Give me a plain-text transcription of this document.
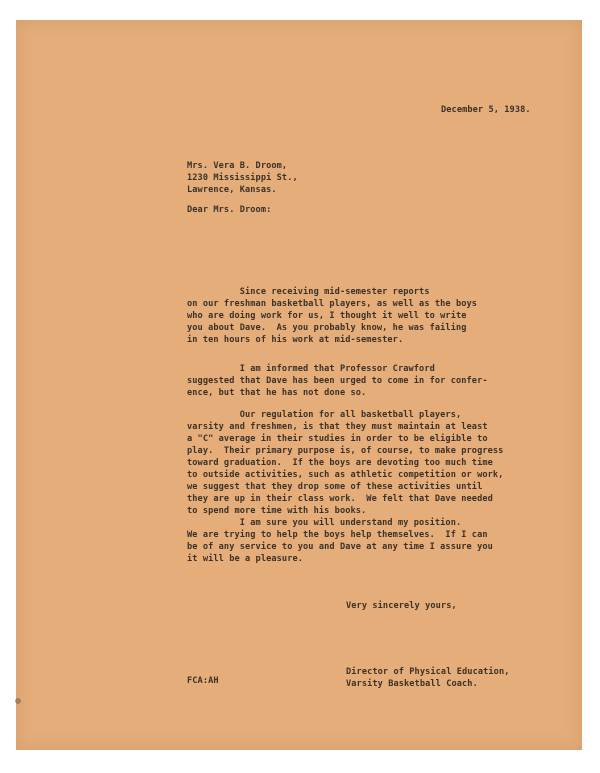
December 5, 1938.

Mrs. Vera B. Droom,
1230 Mississippi St.,
Lawrence, Kansas.

Dear Mrs. Droom:

Since receiving mid-semester reports
on our freshman basketball players, as well as the boys
who are doing work for us, I thought it well to write
you about Dave.  As you probably know, he was failing
in ten hours of his work at mid-semester.

I am informed that Professor Crawford
suggested that Dave has been urged to come in for confer-
ence, but that he has not done so.

Our regulation for all basketball players,
varsity and freshmen, is that they must maintain at least
a "C" average in their studies in order to be eligible to
play.  Their primary purpose is, of course, to make progress
toward graduation.  If the boys are devoting too much time
to outside activities, such as athletic competition or work,
we suggest that they drop some of these activities until
they are up in their class work.  We felt that Dave needed
to spend more time with his books.

I am sure you will understand my position.
We are trying to help the boys help themselves.  If I can
be of any service to you and Dave at any time I assure you
it will be a pleasure.

Very sincerely yours,

Director of Physical Education,
Varsity Basketball Coach.

FCA:AH
